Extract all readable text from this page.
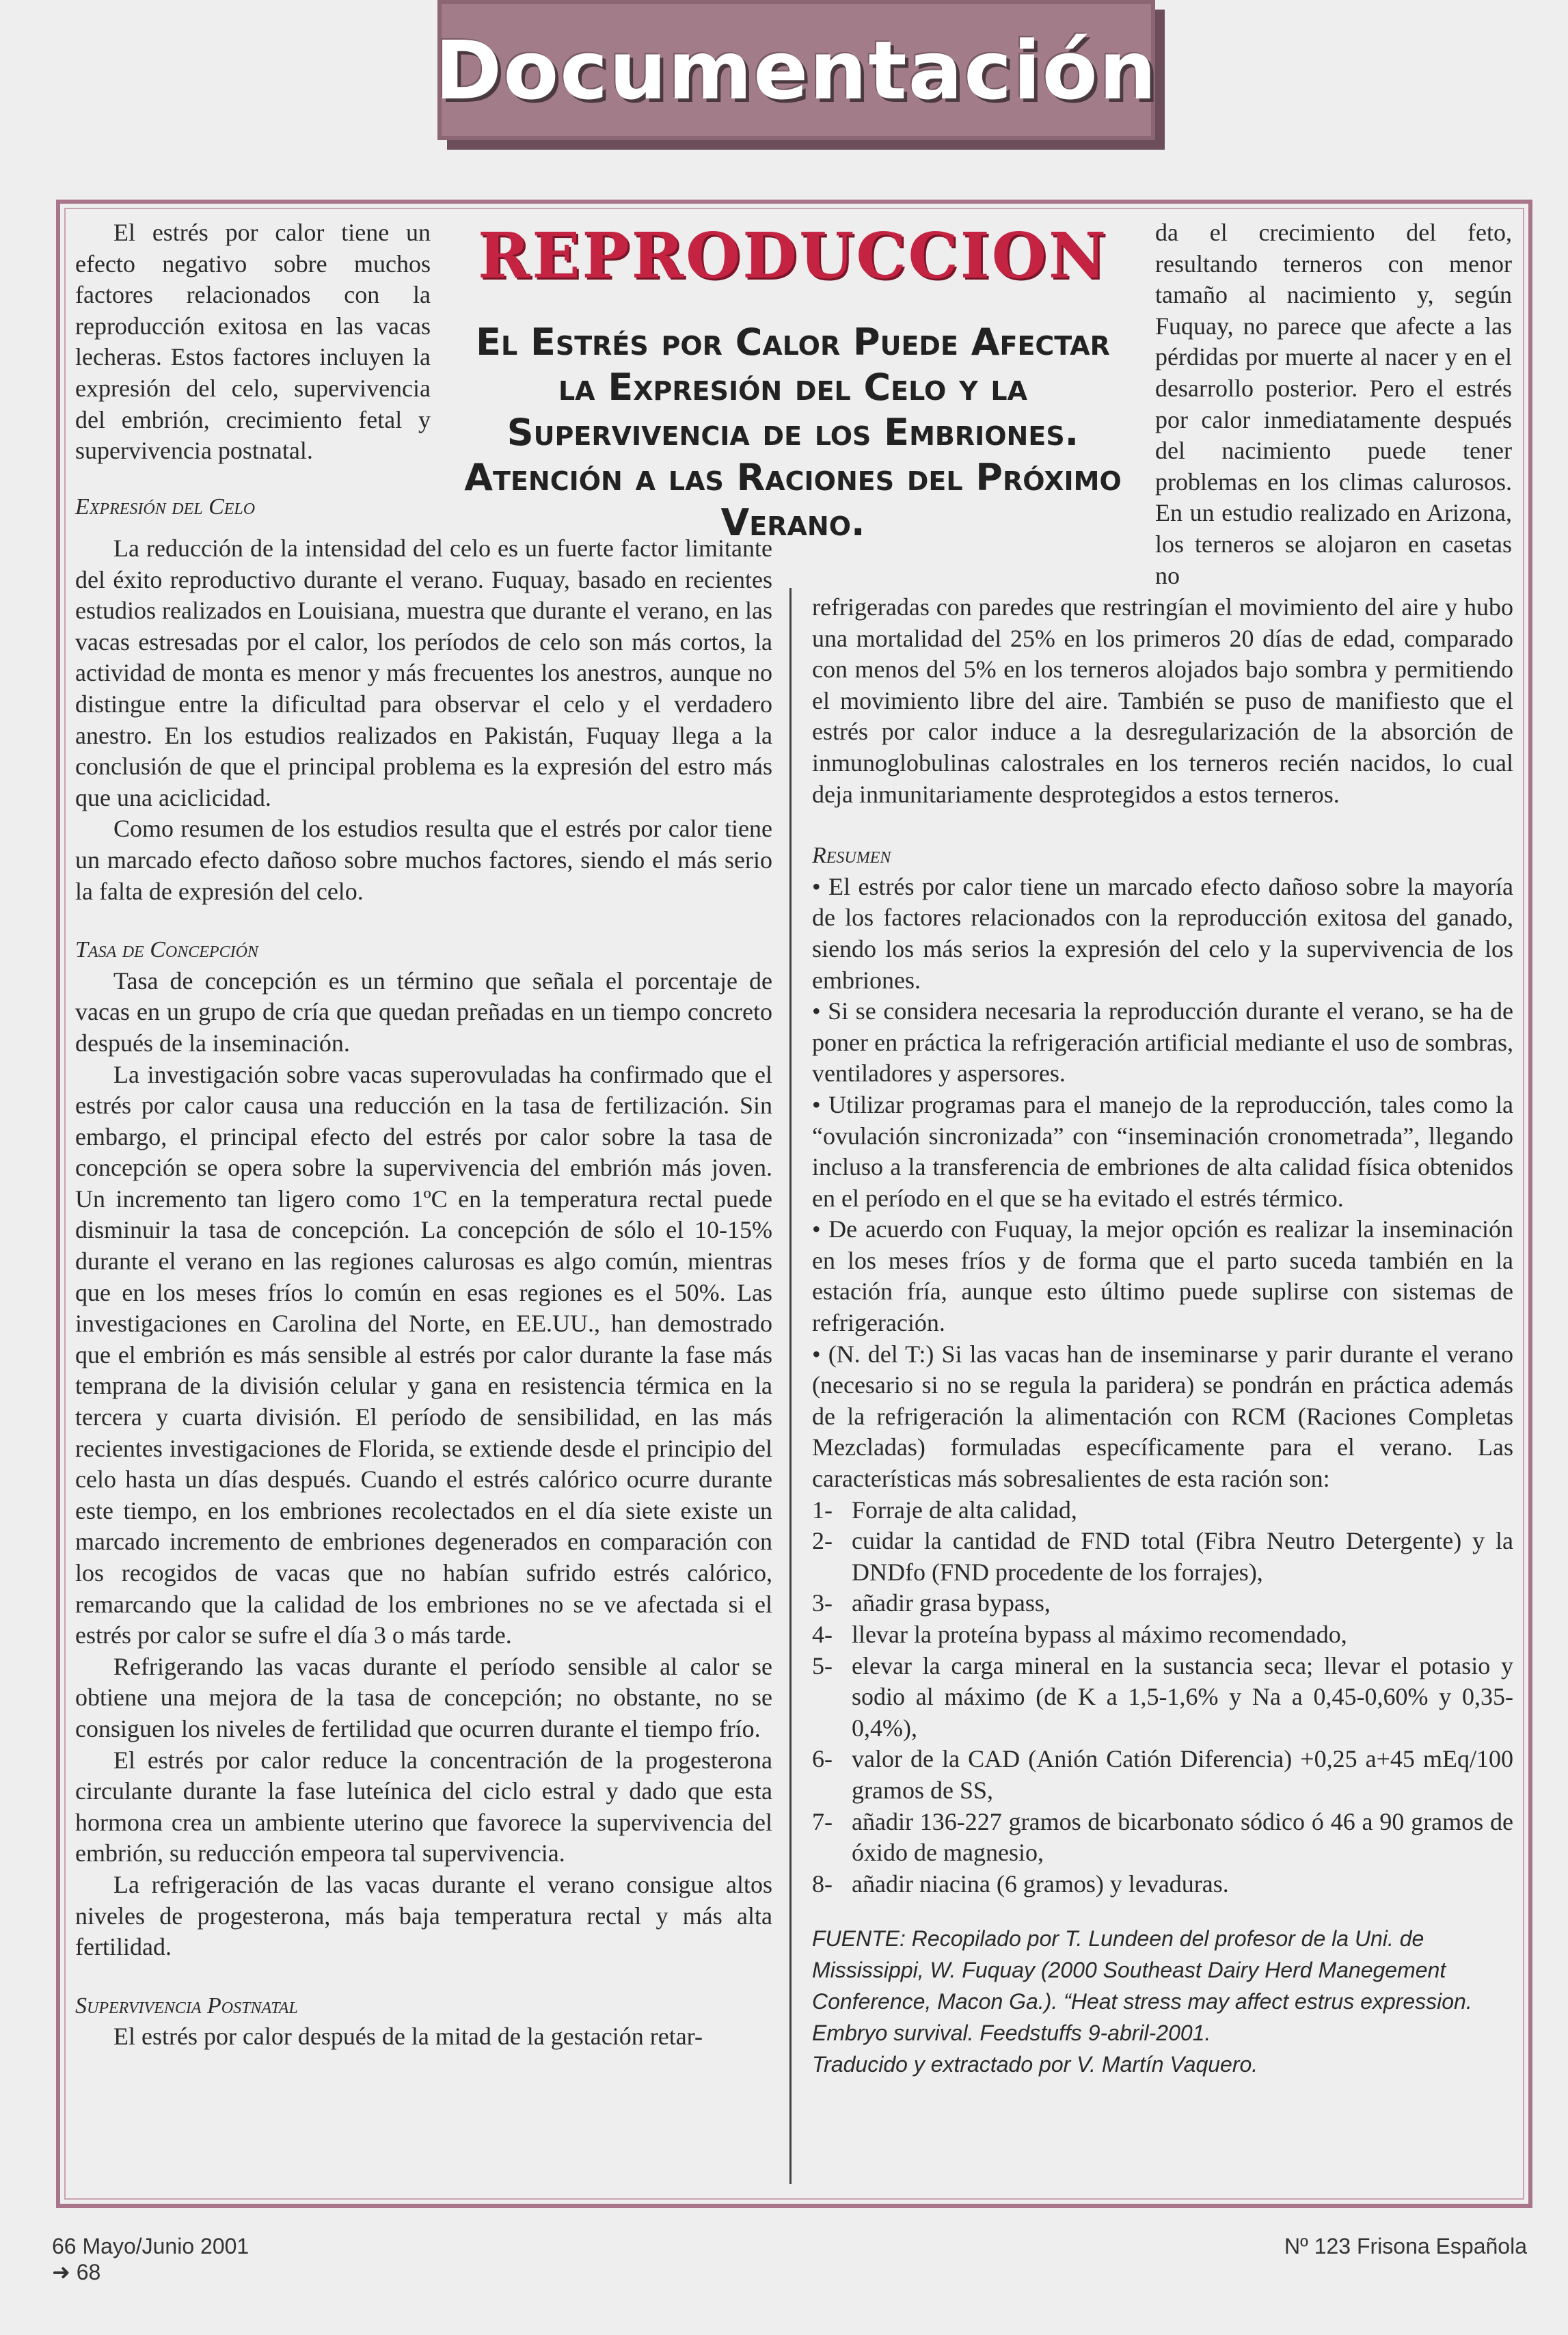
Documentación

El estrés por calor tiene un efecto negativo sobre muchos factores relacionados con la reproducción exitosa en las vacas lecheras. Estos factores incluyen la expresión del celo, supervivencia del embrión, crecimiento fetal y supervivencia postnatal.

Expresión del Celo
REPRODUCCION
El Estrés por Calor Puede Afectar la Expresión del Celo y la Supervivencia de los Embriones. Atención a las Raciones del Próximo Verano.

da el crecimiento del feto, resultando terneros con menor tamaño al nacimiento y, según Fuquay, no parece que afecte a las pérdidas por muerte al nacer y en el desarrollo posterior. Pero el estrés por calor inmediatamente después del nacimiento puede tener problemas en los climas calurosos. En un estudio realizado en Arizona, los terneros se alojaron en casetas no

La reducción de la intensidad del celo es un fuerte factor limitante del éxito reproductivo durante el verano. Fuquay, basado en recientes estudios realizados en Louisiana, muestra que durante el verano, en las vacas estresadas por el calor, los períodos de celo son más cortos, la actividad de monta es menor y más frecuentes los anestros, aunque no distingue entre la dificultad para observar el celo y el verdadero anestro. En los estudios realizados en Pakistán, Fuquay llega a la conclusión de que el principal problema es la expresión del estro más que una aciclicidad.

Como resumen de los estudios resulta que el estrés por calor tiene un marcado efecto dañoso sobre muchos factores, siendo el más serio la falta de expresión del celo.

Tasa de Concepción

Tasa de concepción es un término que señala el porcentaje de vacas en un grupo de cría que quedan preñadas en un tiempo concreto después de la inseminación.

La investigación sobre vacas superovuladas ha confirmado que el estrés por calor causa una reducción en la tasa de fertilización. Sin embargo, el principal efecto del estrés por calor sobre la tasa de concepción se opera sobre la supervivencia del embrión más joven. Un incremento tan ligero como 1ºC en la temperatura rectal puede disminuir la tasa de concepción. La concepción de sólo el 10-15% durante el verano en las regiones calurosas es algo común, mientras que en los meses fríos lo común en esas regiones es el 50%. Las investigaciones en Carolina del Norte, en EE.UU., han demostrado que el embrión es más sensible al estrés por calor durante la fase más temprana de la división celular y gana en resistencia térmica en la tercera y cuarta división. El período de sensibilidad, en las más recientes investigaciones de Florida, se extiende desde el principio del celo hasta un días después. Cuando el estrés calórico ocurre durante este tiempo, en los embriones recolectados en el día siete existe un marcado incremento de embriones degenerados en comparación con los recogidos de vacas que no habían sufrido estrés calórico, remarcando que la calidad de los embriones no se ve afectada si el estrés por calor se sufre el día 3 o más tarde.

Refrigerando las vacas durante el período sensible al calor se obtiene una mejora de la tasa de concepción; no obstante, no se consiguen los niveles de fertilidad que ocurren durante el tiempo frío.

El estrés por calor reduce la concentración de la progesterona circulante durante la fase luteínica del ciclo estral y dado que esta hormona crea un ambiente uterino que favorece la supervivencia del embrión, su reducción empeora tal supervivencia.

La refrigeración de las vacas durante el verano consigue altos niveles de progesterona, más baja temperatura rectal y más alta fertilidad.

Supervivencia Postnatal

El estrés por calor después de la mitad de la gestación retar-

refrigeradas con paredes que restringían el movimiento del aire y hubo una mortalidad del 25% en los primeros 20 días de edad, comparado con menos del 5% en los terneros alojados bajo sombra y permitiendo el movimiento libre del aire. También se puso de manifiesto que el estrés por calor induce a la desregularización de la absorción de inmunoglobulinas calostrales en los terneros recién nacidos, lo cual deja inmunitariamente desprotegidos a estos terneros.

Resumen

• El estrés por calor tiene un marcado efecto dañoso sobre la mayoría de los factores relacionados con la reproducción exitosa del ganado, siendo los más serios la expresión del celo y la supervivencia de los embriones.

• Si se considera necesaria la reproducción durante el verano, se ha de poner en práctica la refrigeración artificial mediante el uso de sombras, ventiladores y aspersores.

• Utilizar programas para el manejo de la reproducción, tales como la “ovulación sincronizada” con “inseminación cronometrada”, llegando incluso a la transferencia de embriones de alta calidad física obtenidos en el período en el que se ha evitado el estrés térmico.

• De acuerdo con Fuquay, la mejor opción es realizar la inseminación en los meses fríos y de forma que el parto suceda también en la estación fría, aunque esto último puede suplirse con sistemas de refrigeración.

• (N. del T:) Si las vacas han de inseminarse y parir durante el verano (necesario si no se regula la paridera) se pondrán en práctica además de la refrigeración la alimentación con RCM (Raciones Completas Mezcladas) formuladas específicamente para el verano. Las características más sobresalientes de esta ración son:

1- Forraje de alta calidad,
2- cuidar la cantidad de FND total (Fibra Neutro Detergente) y la DNDfo (FND procedente de los forrajes),
3- añadir grasa bypass,
4- llevar la proteína bypass al máximo recomendado,
5- elevar la carga mineral en la sustancia seca; llevar el potasio y sodio al máximo (de K a 1,5-1,6% y Na a 0,45-0,60% y 0,35-0,4%),
6- valor de la CAD (Anión Catión Diferencia) +0,25 a+45 mEq/100 gramos de SS,
7- añadir 136-227 gramos de bicarbonato sódico ó 46 a 90 gramos de óxido de magnesio,
8- añadir niacina (6 gramos) y levaduras.
FUENTE: Recopilado por T. Lundeen del profesor de la Uni. de Mississippi, W. Fuquay (2000 Southeast Dairy Herd Manegement Conference, Macon Ga.). “Heat stress may affect estrus expression. Embryo survival. Feedstuffs 9-abril-2001.
Traducido y extractado por V. Martín Vaquero.
66 Mayo/Junio 2001
➜ 68
Nº 123 Frisona Española
